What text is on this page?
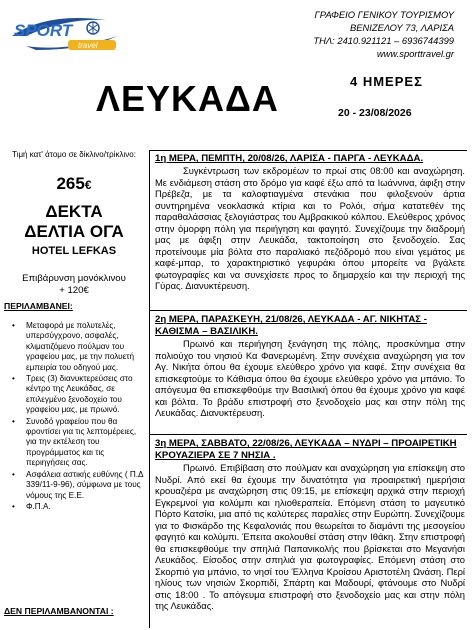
SPORT
travel
ΓΡΑΦΕΙΟ ΓΕΝΙΚΟΥ ΤΟΥΡΙΣΜΟΥ
ΒΕΝΙΖΕΛΟΥ 73, ΛΑΡΙΣΑ
ΤΗΛ: 2410.921121 – 6936744399
www.sporttravel.gr
ΛΕΥΚΑΔΑ	4 ΗΜΕΡΕΣ
20 - 23/08/2026
Τιμή κατ' άτομο σε δίκλινο/τρίκλινο:
265€
ΔΕΚΤΑ
ΔΕΛΤΙΑ ΟΓΑ
HOTEL LEFKAS
Επιβάρυνση μονόκλινου
+ 120€
ΠΕΡΙΛΑΜΒΑΝΕΙ:
• Μεταφορά με πολυτελές, υπερσύγχρονο, ασφαλές, κλιματιζόμενο πούλμαν του γραφείου μας, με την πολυετή εμπειρία του οδηγού μας.
• Τρεις (3) διανυκτερεύσεις στο κέντρο της Λευκάδας, σε επιλεγμένο ξενοδοχείο του γραφείου μας, με πρωινό.
• Συνοδό γραφείου που θα φροντίσει για τις λεπτομέρειες, για την εκτέλεση του προγράμματος και τις περιηγήσεις σας.
• Ασφάλεια αστικής ευθύνης ( Π.Δ 339/11-9-96), σύμφωνα με τους νόμους της Ε.Ε.
• Φ.Π.Α.
ΔΕΝ ΠΕΡΙΛΑΜΒΑΝΟΝΤΑΙ :
1η ΜΕΡΑ, ΠΕΜΠΤΗ, 20/08/26, ΛΑΡΙΣΑ - ΠΑΡΓΑ - ΛΕΥΚΑΔΑ.
Συγκέντρωση των εκδρομέων το πρωί στις 08:00 και αναχώρηση. Με ενδιάμεση στάση στο δρόμο για καφέ έξω από τα Ιωάννινα, άφιξη στην Πρέβεζα, με τα καλοφτιαγμένα στενάκια που φιλοξενούν άρτια συντηρημένα νεοκλασικά κτίρια και το Ρολόι, σήμα κατατεθέν της παραθαλάσσιας ξελογιάστρας του Αμβρακικού κόλπου. Ελεύθερος χρόνος στην όμορφη πόλη για περιήγηση και φαγητό. Συνεχίζουμε την διαδρομή μας με άφιξη στην Λευκάδα, τακτοποίηση στο ξενοδοχείο. Σας προτείνουμε μία βόλτα στο παραλιακό πεζόδρομό που είναι γεμάτος με καφέ-μπαρ, το χαρακτηριστικό γεφυράκι όπου μπορείτε να βγάλετε φωτογραφίες και να συνεχίσετε προς το δημαρχείο και την περιοχή της Γύρας. Διανυκτέρευση.
2η ΜΕΡΑ, ΠΑΡΑΣΚΕΥΗ, 21/08/26, ΛΕΥΚΑΔΑ - ΑΓ. ΝΙΚΗΤΑΣ - ΚΑΘΙΣΜΑ – ΒΑΣΙΛΙΚΗ.
Πρωινό και περιήγηση ξενάγηση της πόλης, προσκύνημα στην πολιούχο του νησιού Κα Φανερωμένη. Στην συνέχεια αναχώρηση για τον Αγ. Νικήτα όπου θα έχουμε ελεύθερο χρόνο για καφέ. Στην συνέχεια θα επισκεφτούμε το Κάθισμα όπου θα έχουμε ελεύθερο χρόνο για μπάνιο. Το απόγευμα θα επισκεφθούμε την Βασιλική όπου θα έχουμε χρόνο για καφέ και βόλτα. Το βράδυ επιστροφή στο ξενοδοχείο μας και στην πόλη της Λευκάδας. Διανυκτέρευση.
3η ΜΕΡΑ, ΣΑΒΒΑΤΟ, 22/08/26, ΛΕΥΚΑΔΑ – ΝΥΔΡΙ – ΠΡΟΑΙΡΕΤΙΚΗ ΚΡΟΥΑΖΙΕΡΑ ΣΕ 7 ΝΗΣΙΑ .
Πρωινό. Επιβίβαση στο πούλμαν και αναχώρηση για επίσκεψη στο Νυδρί. Από εκεί θα έχουμε την δυνατότητα για προαιρετική ημερήσια κρουαζιέρα με αναχώρηση στις 09:15, με επίσκεψη αρχικά στην περιοχή Εγκρεμνοί για κολύμπι και ηλιοθεραπεία. Επόμενη στάση το μαγευτικό Πόρτο Κατσίκι, μια από τις καλύτερες παραλίες στην Ευρώπη. Συνεχίζουμε για το Φισκάρδο της Κεφαλονιάς που θεωρείται το διαμάντι της μεσογείου φαγητό και κολύμπι. Έπειτα ακολουθεί στάση στην Ιθάκη. Στην επιστροφή θα επισκεφθούμε την σπηλιά Παπανικολής που βρίσκεται στο Μεγανήσι Λευκάδος. Είσοδος στην σπηλιά για φωτογραφίες. Επόμενη στάση στο Σκορπιό για μπάνιο, το νησί του Έλληνα Κροίσου Αριστοτέλη Ωνάση. Περί ηλίους των νησιών Σκορπιδί, Σπάρτη και Μαδουρί, φτάνουμε στο Νυδρί στις 18:00 . Το απόγευμα επιστροφή στο ξενοδοχείο μας και στην πόλη της Λευκάδας.
